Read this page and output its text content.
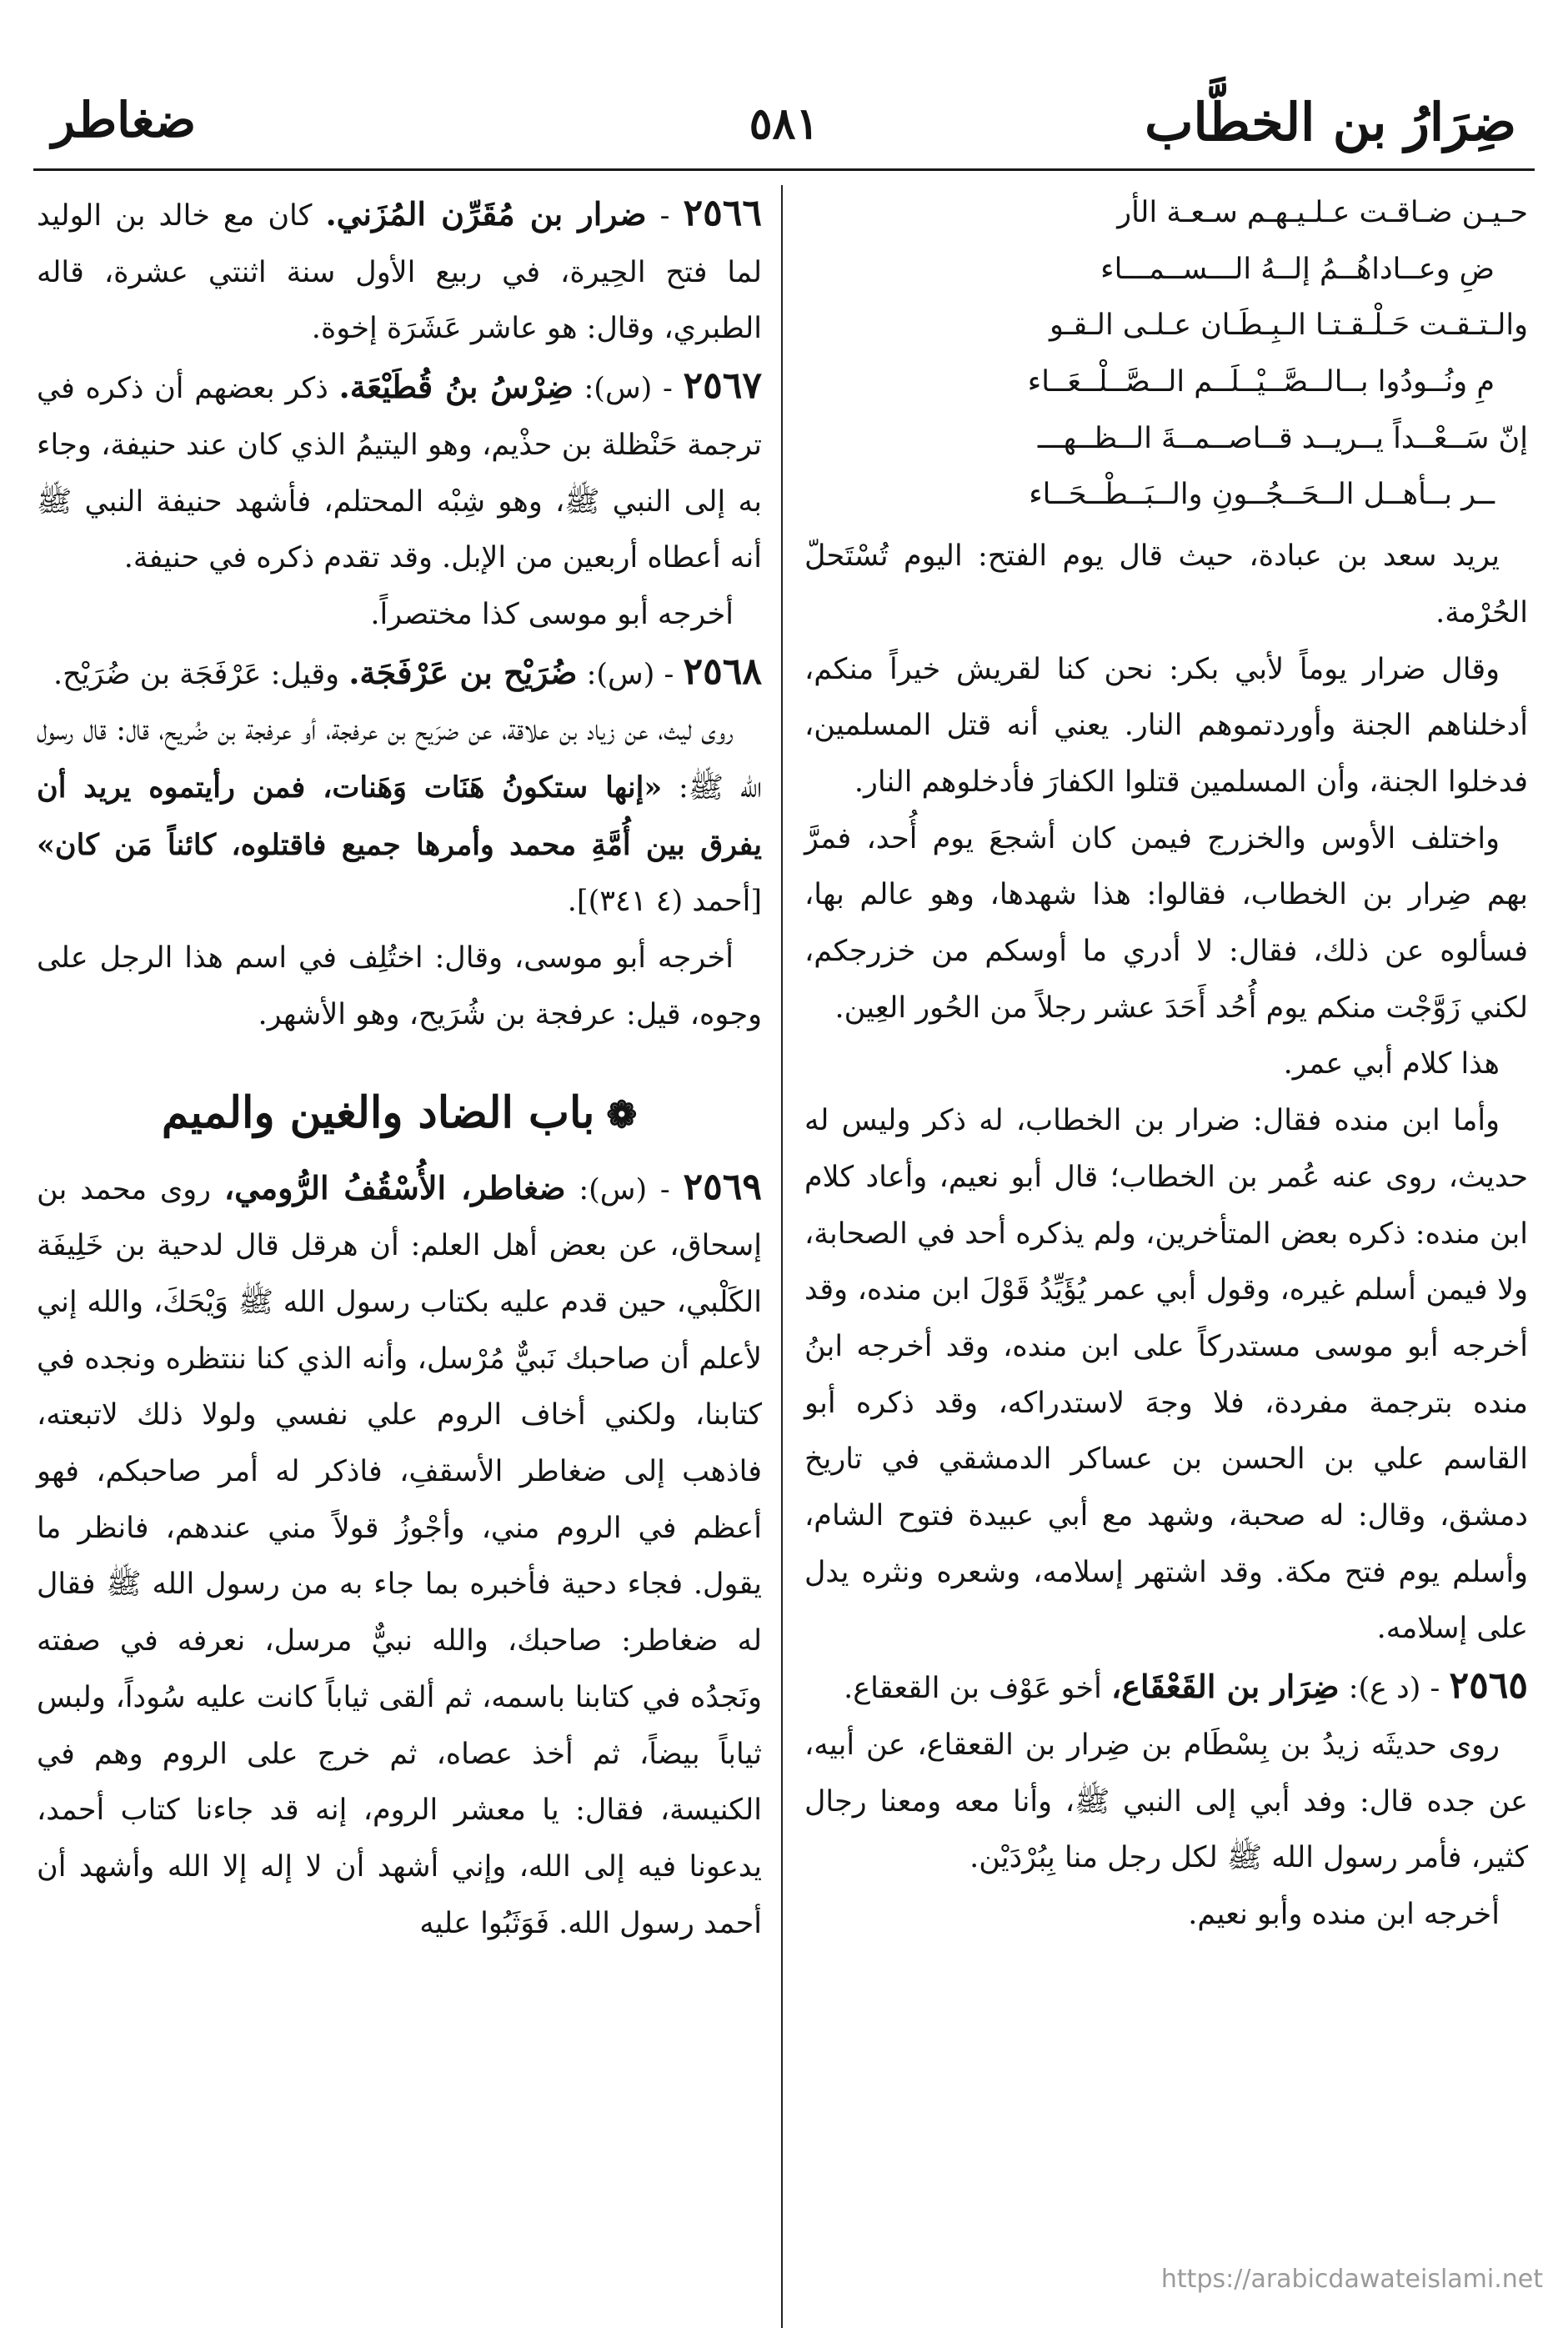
ضِرَارُ بن الخطَّاب
٥٨١
ضغاطر
حـيـن ضـاقـت عـلـيـهـم سـعـة الأر
ضِ وعــاداهُــمُ إلــهُ الـــســمـــاء
والـتـقـت حَـلْـقـتـا الـبِـطَـان عـلـى الـقـو
مِ ونُــودُوا بــالــصَّــيْــلَــم الــصَّــلْــعَــاء
إنّ سَــعْــداً يــريــد قــاصــمــةَ الــظــهـــ
ــر بــأهــل الــحَــجُــونِ والــبَــطْــحَــاء

يريد سعد بن عبادة، حيث قال يوم الفتح: اليوم تُسْتَحلّ الحُرْمة.

وقال ضرار يوماً لأبي بكر: نحن كنا لقريش خيراً منكم، أدخلناهم الجنة وأوردتموهم النار. يعني أنه قتل المسلمين، فدخلوا الجنة، وأن المسلمين قتلوا الكفارَ فأدخلوهم النار.

واختلف الأوس والخزرج فيمن كان أشجعَ يوم أُحد، فمرَّ بهم ضِرار بن الخطاب، فقالوا: هذا شهدها، وهو عالم بها، فسألوه عن ذلك، فقال: لا أدري ما أوسكم من خزرجكم، لكني زَوَّجْت منكم يوم أُحُد أَحَدَ عشر رجلاً من الحُور العِين.

هذا كلام أبي عمر.

وأما ابن منده فقال: ضرار بن الخطاب، له ذكر وليس له حديث، روى عنه عُمر بن الخطاب؛ قال أبو نعيم، وأعاد كلام ابن منده: ذكره بعض المتأخرين، ولم يذكره أحد في الصحابة، ولا فيمن أسلم غيره، وقول أبي عمر يُؤَيِّدُ قَوْلَ ابن منده، وقد أخرجه أبو موسى مستدركاً على ابن منده، وقد أخرجه ابنُ منده بترجمة مفردة، فلا وجهَ لاستدراكه، وقد ذكره أبو القاسم علي بن الحسن بن عساكر الدمشقي في تاريخ دمشق، وقال: له صحبة، وشهد مع أبي عبيدة فتوح الشام، وأسلم يوم فتح مكة. وقد اشتهر إسلامه، وشعره ونثره يدل على إسلامه.

٢٥٦٥ - (د ع): ضِرَار بن القَعْقَاع، أخو عَوْف بن القعقاع.

روى حديثَه زيدُ بن بِسْطَام بن ضِرار بن القعقاع، عن أبيه، عن جده قال: وفد أبي إلى النبي ﷺ، وأنا معه ومعنا رجال كثير، فأمر رسول الله ﷺ لكل رجل منا بِبُرْدَيْن.

أخرجه ابن منده وأبو نعيم.

٢٥٦٦ - ضرار بن مُقَرِّن المُزَني. كان مع خالد بن الوليد لما فتح الحِيرة، في ربيع الأول سنة اثنتي عشرة، قاله الطبري، وقال: هو عاشر عَشَرَة إخوة.

٢٥٦٧ - (س): ضِرْسُ بنُ قُطَيْعَة. ذكر بعضهم أن ذكره في ترجمة حَنْظلة بن حذْيم، وهو اليتيمُ الذي كان عند حنيفة، وجاء به إلى النبي ﷺ، وهو شِبْه المحتلم، فأشهد حنيفة النبي ﷺ أنه أعطاه أربعين من الإبل. وقد تقدم ذكره في حنيفة.

أخرجه أبو موسى كذا مختصراً.

٢٥٦٨ - (س): ضُرَيْح بن عَرْفَجَة. وقيل: عَرْفَجَة بن ضُرَيْح.

روى ليث، عن زياد بن علاقة، عن ضرَيح بن عرفجة، أو عرفجة بن ضُريح، قال: قال رسول الله ﷺ: «إنها ستكونُ هَنَات وَهَنات، فمن رأيتموه يريد أن يفرق بين أُمَّةِ محمد وأمرها جميع فاقتلوه، كائناً مَن كان» [أحمد (٤ ٣٤١)].

أخرجه أبو موسى، وقال: اختُلِف في اسم هذا الرجل على وجوه، قيل: عرفجة بن شُرَيح، وهو الأشهر.

❁باب الضاد والغين والميم

٢٥٦٩ - (س): ضغاطر، الأُسْقُفُ الرُّومي، روى محمد بن إسحاق، عن بعض أهل العلم: أن هرقل قال لدحية بن خَلِيفَة الكَلْبي، حين قدم عليه بكتاب رسول الله ﷺ وَيْحَكَ، والله إني لأعلم أن صاحبك نَبيٌّ مُرْسل، وأنه الذي كنا ننتظره ونجده في كتابنا، ولكني أخاف الروم علي نفسي ولولا ذلك لاتبعته، فاذهب إلى ضغاطر الأسقفِ، فاذكر له أمر صاحبكم، فهو أعظم في الروم مني، وأجْوزُ قولاً مني عندهم، فانظر ما يقول. فجاء دحية فأخبره بما جاء به من رسول الله ﷺ فقال له ضغاطر: صاحبك، والله نبيٌّ مرسل، نعرفه في صفته ونَجدُه في كتابنا باسمه، ثم ألقى ثياباً كانت عليه سُوداً، ولبس ثياباً بيضاً، ثم أخذ عصاه، ثم خرج على الروم وهم في الكنيسة، فقال: يا معشر الروم، إنه قد جاءنا كتاب أحمد، يدعونا فيه إلى الله، وإني أشهد أن لا إله إلا الله وأشهد أن أحمد رسول الله. فَوَثَبُوا عليه

https://arabicdawateislami.net
